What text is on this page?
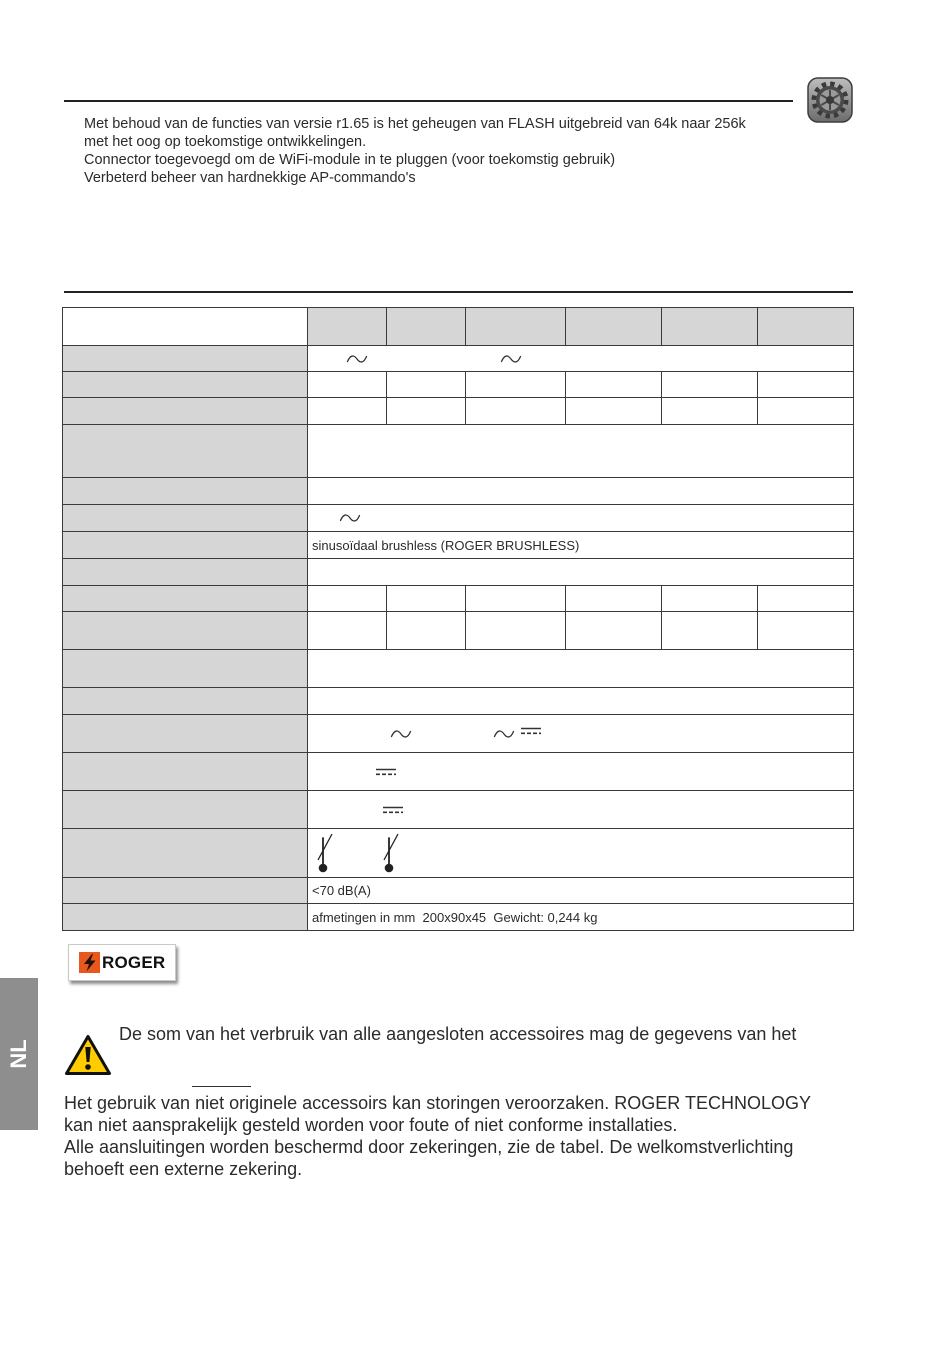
Met behoud van de functies van versie r1.65 is het geheugen van FLASH uitgebreid van 64k naar 256k
met het oog op toekomstige ontwikkelingen.
Connector toegevoegd om de WiFi-module in te pluggen (voor toekomstig gebruik)
Verbeterd beheer van hardnekkige AP-commando's
sinusoïdaal brushless (ROGER BRUSHLESS)
<70 dB(A)
afmetingen in mm  200x90x45  Gewicht: 0,244 kg
ROGER
NL
De som van het verbruik van alle aangesloten accessoires mag de gegevens van het
Het gebruik van niet originele accessoirs kan storingen veroorzaken. ROGER TECHNOLOGY
kan niet aansprakelijk gesteld worden voor foute of niet conforme installaties.
Alle aansluitingen worden beschermd door zekeringen, zie de tabel. De welkomstverlichting
behoeft een externe zekering.
